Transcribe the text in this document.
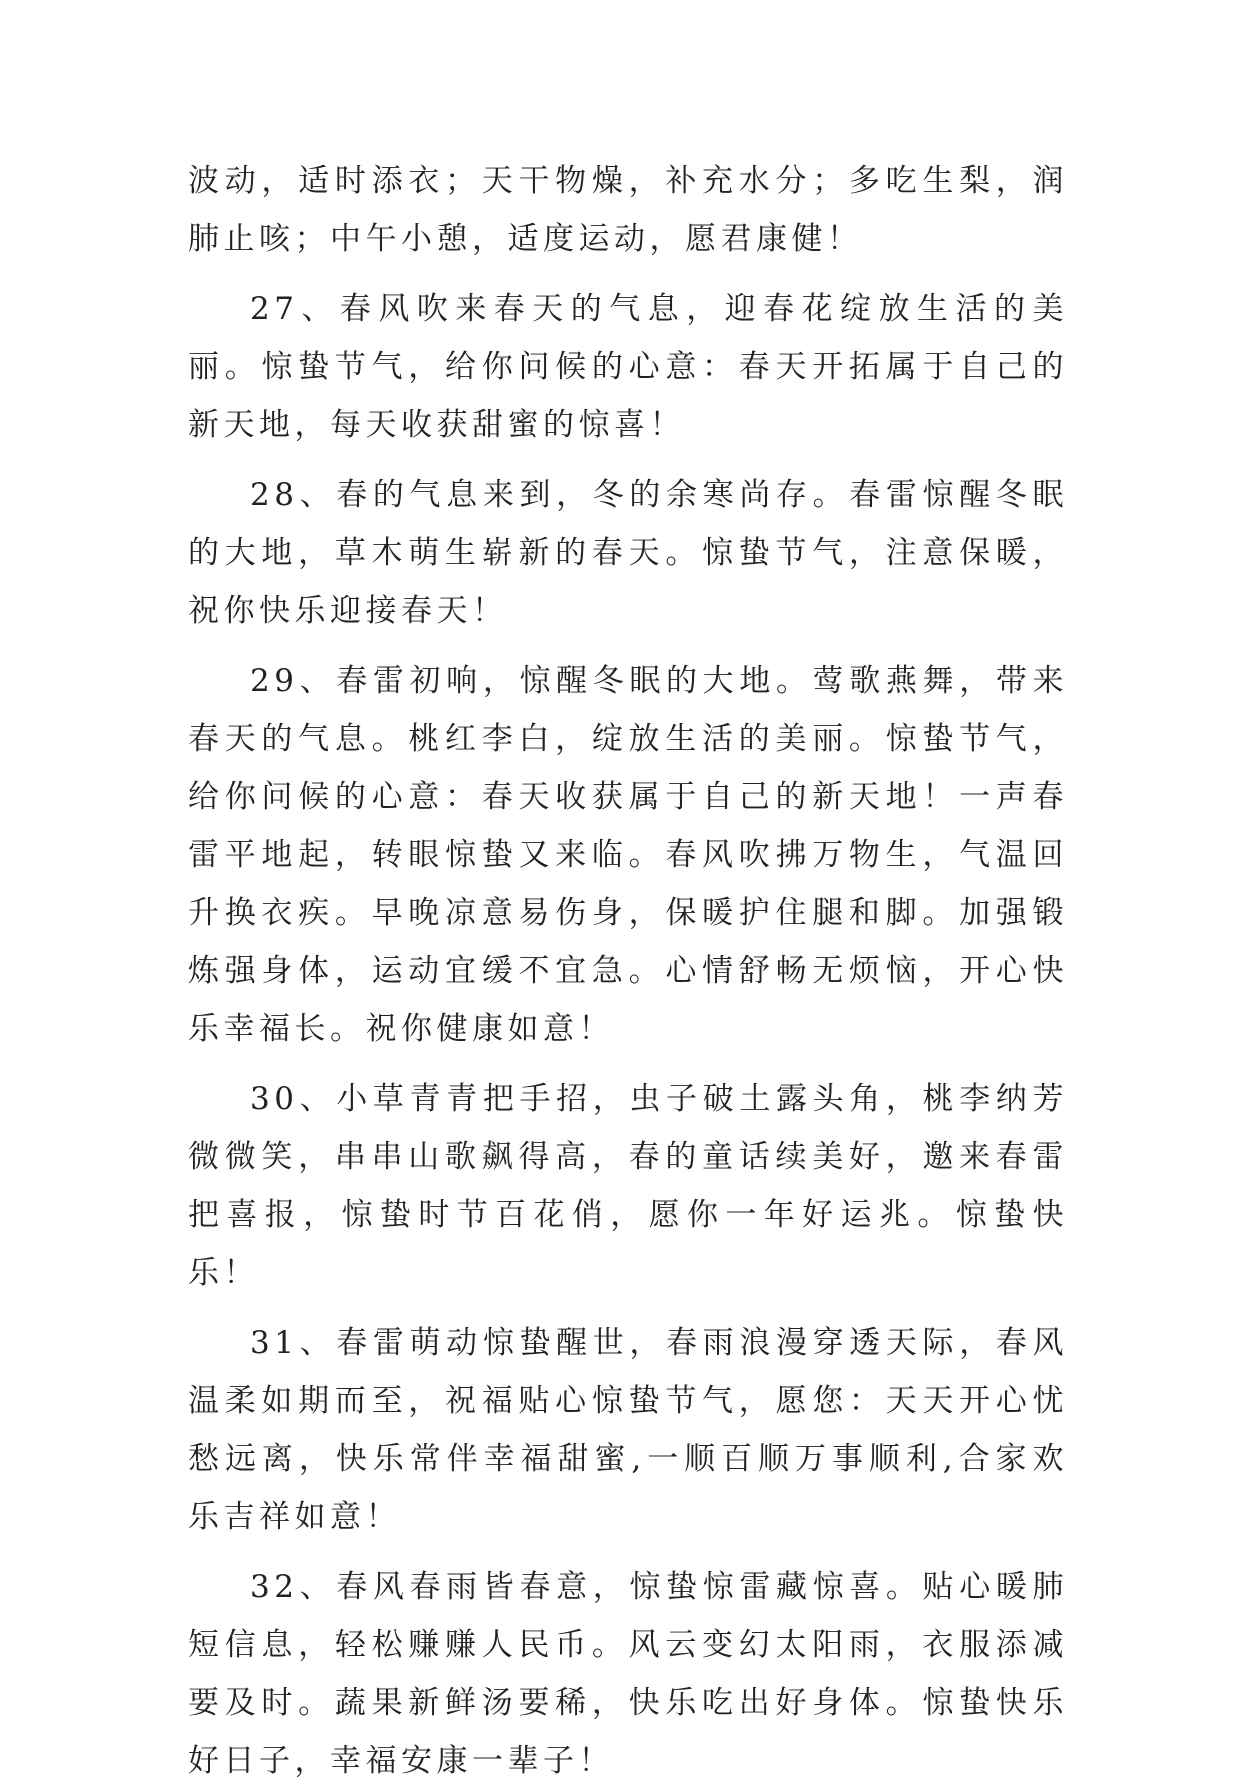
波动，适时添衣；天干物燥，补充水分；多吃生梨，润肺止咳；中午小憩，适度运动，愿君康健！

27、春风吹来春天的气息，迎春花绽放生活的美丽。惊蛰节气，给你问候的心意：春天开拓属于自己的新天地，每天收获甜蜜的惊喜！

28、春的气息来到，冬的余寒尚存。春雷惊醒冬眠的大地，草木萌生崭新的春天。惊蛰节气，注意保暖，祝你快乐迎接春天！

29、春雷初响，惊醒冬眠的大地。莺歌燕舞，带来春天的气息。桃红李白，绽放生活的美丽。惊蛰节气，给你问候的心意：春天收获属于自己的新天地！一声春雷平地起，转眼惊蛰又来临。春风吹拂万物生，气温回升换衣疾。早晚凉意易伤身，保暖护住腿和脚。加强锻炼强身体，运动宜缓不宜急。心情舒畅无烦恼，开心快乐幸福长。祝你健康如意！

30、小草青青把手招，虫子破土露头角，桃李纳芳微微笑，串串山歌飙得高，春的童话续美好，邀来春雷把喜报，惊蛰时节百花俏，愿你一年好运兆。惊蛰快乐！

31、春雷萌动惊蛰醒世，春雨浪漫穿透天际，春风温柔如期而至，祝福贴心惊蛰节气，愿您：天天开心忧愁远离，快乐常伴幸福甜蜜,一顺百顺万事顺利,合家欢乐吉祥如意！

32、春风春雨皆春意，惊蛰惊雷藏惊喜。贴心暖肺短信息，轻松赚赚人民币。风云变幻太阳雨，衣服添减要及时。蔬果新鲜汤要稀，快乐吃出好身体。惊蛰快乐好日子，幸福安康一辈子！
